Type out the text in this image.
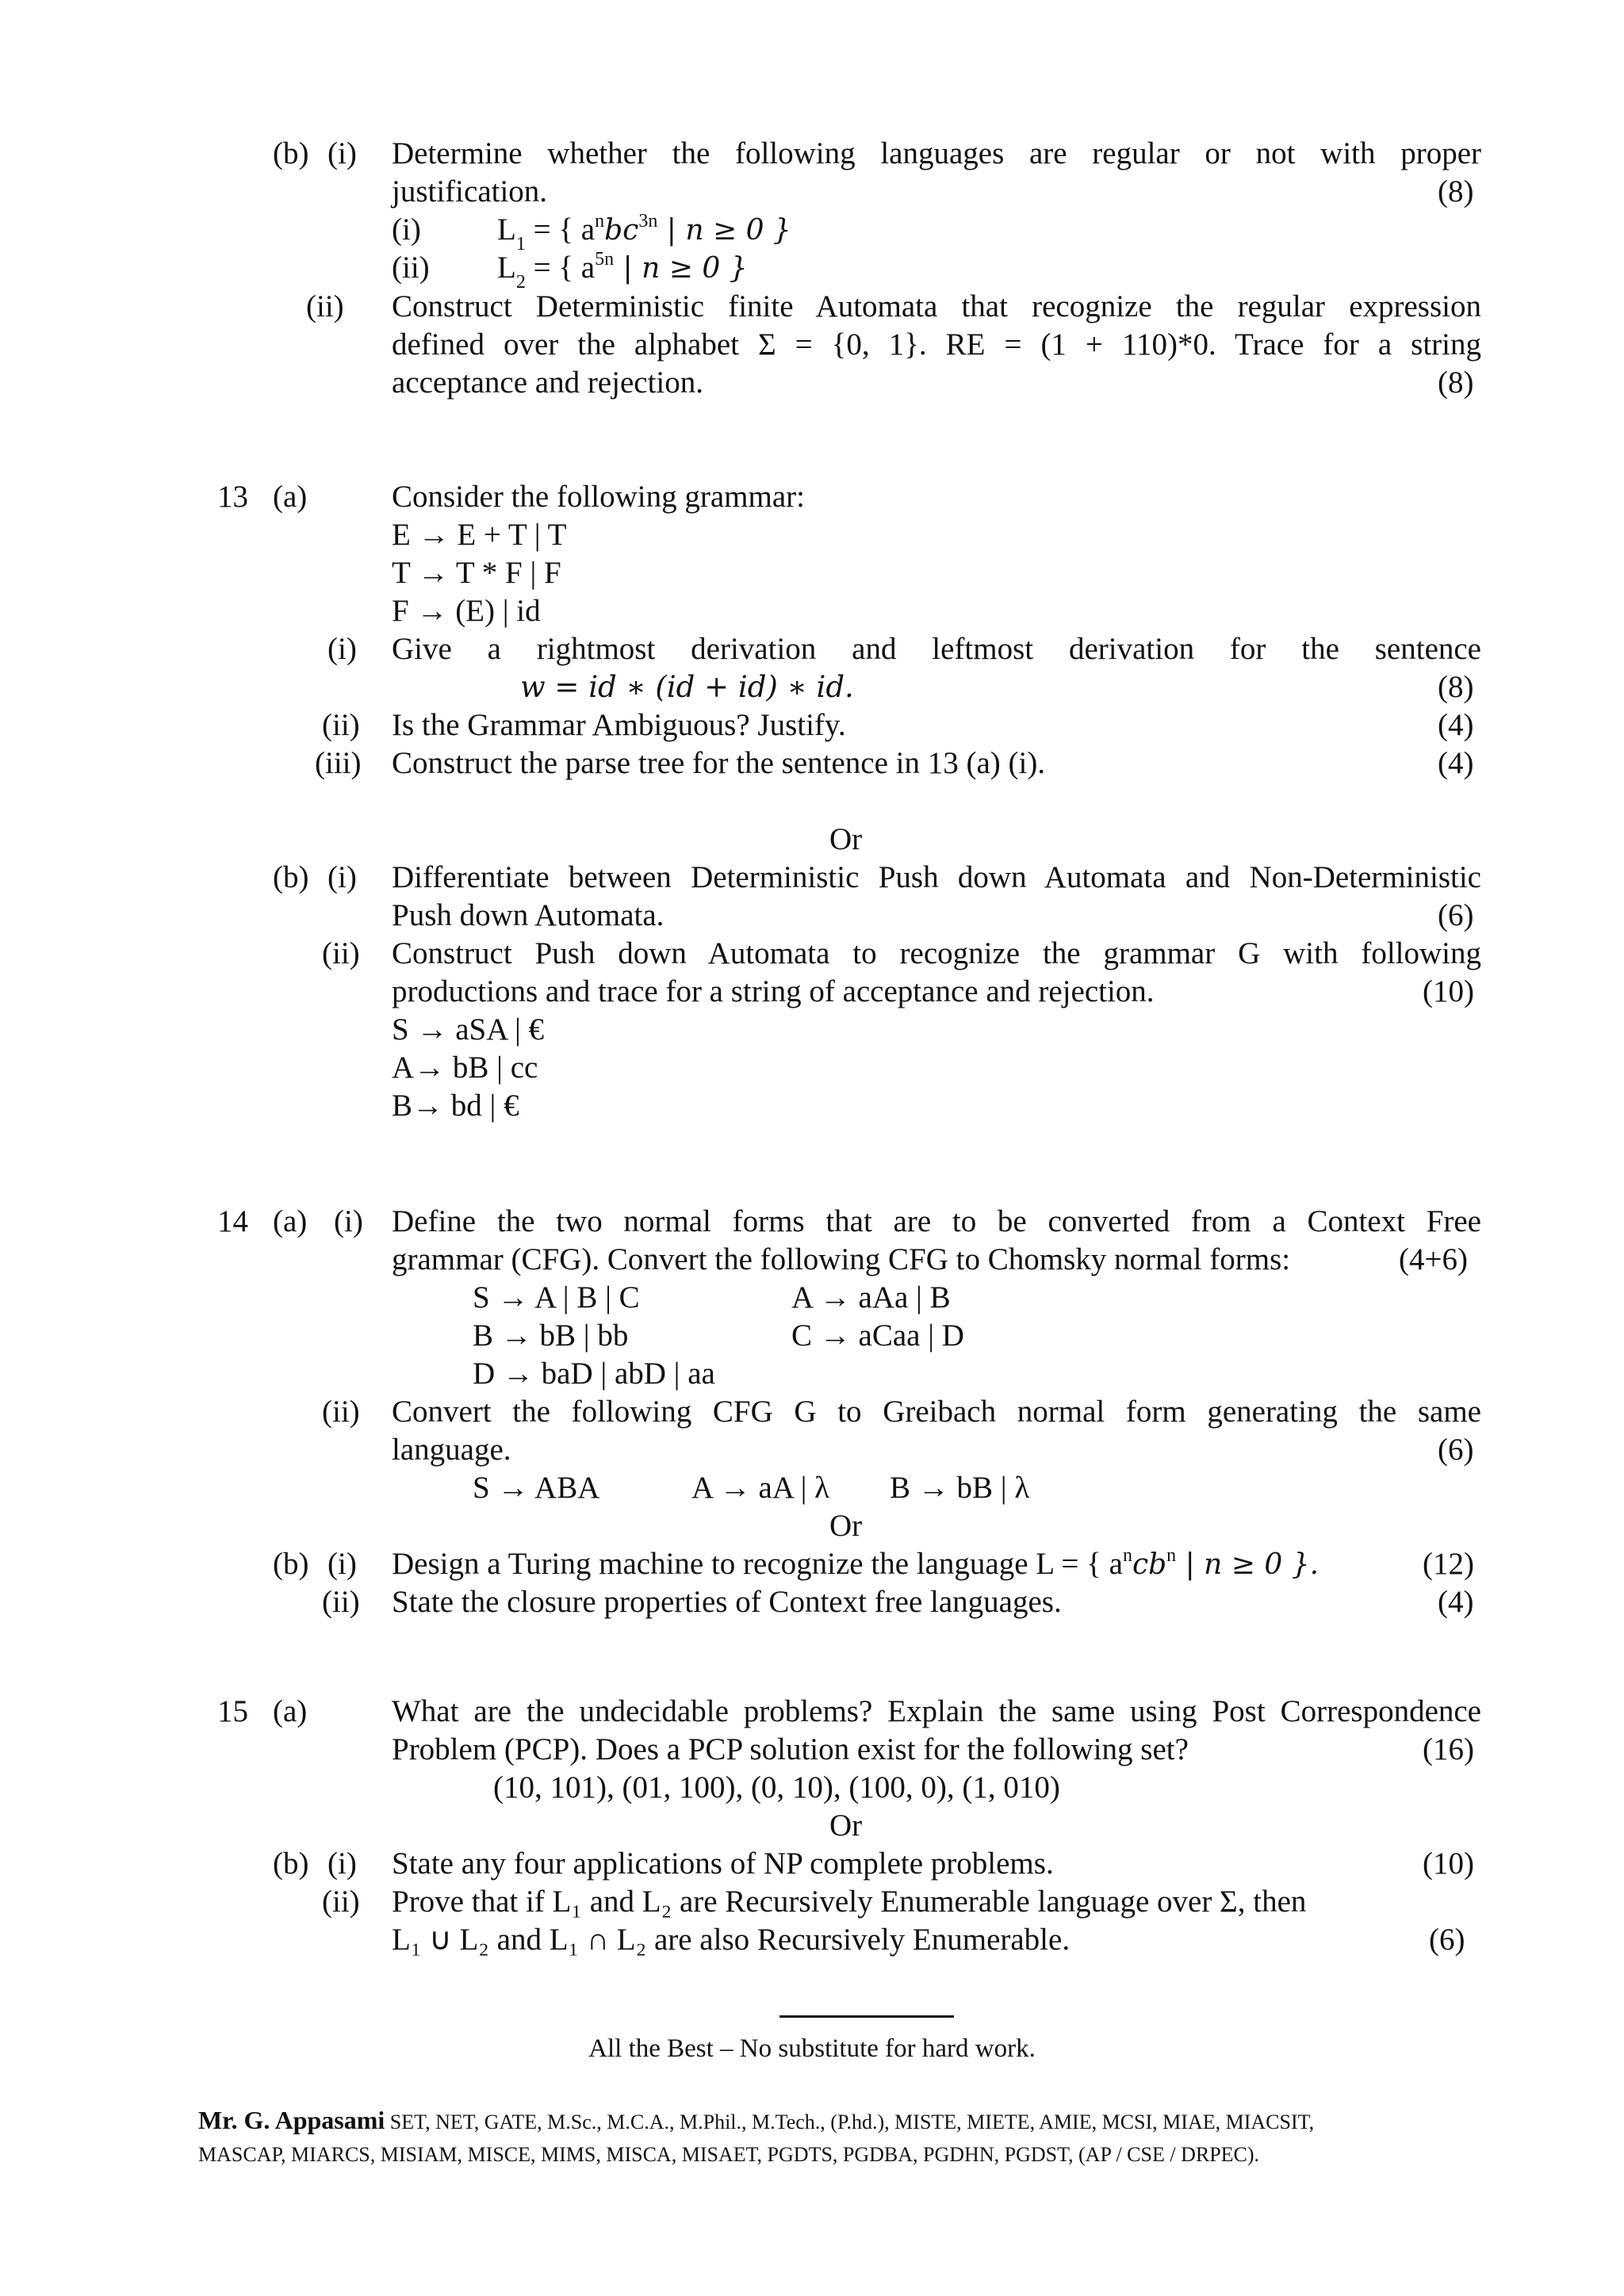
(b) (i) Determine whether the following languages are regular or not with proper
justification.	(8)
(i) $L_1$ = { $a^nbc^{3n}$ | n ≥ 0 }
(ii) $L_2$ = { $a^{5n}$ | n ≥ 0 }
(ii) Construct Deterministic finite Automata that recognize the regular expression
defined over the alphabet Σ = {0, 1}. RE = (1 + 110)*0. Trace for a string
acceptance and rejection.	(8)
13 (a)	Consider the following grammar:
E → E + T | T
T → T * F | F
F → (E) | id
(i) Give a rightmost derivation and leftmost derivation for the sentence
w = id ∗ (id + id) ∗ id.	(8)
(ii) Is the Grammar Ambiguous? Justify.	(4)
(iii) Construct the parse tree for the sentence in 13 (a) (i).	(4)
Or
(b) (i) Differentiate between Deterministic Push down Automata and Non-Deterministic
Push down Automata.	(6)
(ii) Construct Push down Automata to recognize the grammar G with following
productions and trace for a string of acceptance and rejection.	(10)
S → aSA | €
A→ bB | cc
B→ bd | €
14 (a) (i) Define the two normal forms that are to be converted from a Context Free
grammar (CFG). Convert the following CFG to Chomsky normal forms:	(4+6)
S → A | B | C	A → aAa | B
B → bB | bb	C → aCaa | D
D → baD | abD | aa
(ii) Convert the following CFG G to Greibach normal form generating the same
language.	(6)
S → ABA	A → aA | λ B → bB | λ
Or
(b) (i) Design a Turing machine to recognize the language L = { $a^ncb^n$ | n ≥ 0 }.	(12)
(ii) State the closure properties of Context free languages.	(4)
15 (a)	What are the undecidable problems? Explain the same using Post Correspondence
Problem (PCP). Does a PCP solution exist for the following set?	(16)
(10, 101), (01, 100), (0, 10), (100, 0), (1, 010)
Or
(b) (i) State any four applications of NP complete problems.	(10)
(ii) Prove that if L₁ and L₂ are Recursively Enumerable language over Σ, then
L₁ ∪ L₂ and L₁ ∩ L₂ are also Recursively Enumerable.	(6)
All the Best – No substitute for hard work.
Mr. G. Appasami SET, NET, GATE, M.Sc., M.C.A., M.Phil., M.Tech., (P.hd.), MISTE, MIETE, AMIE, MCSI, MIAE, MIACSIT,
MASCAP, MIARCS, MISIAM, MISCE, MIMS, MISCA, MISAET, PGDTS, PGDBA, PGDHN, PGDST, (AP / CSE / DRPEC).
